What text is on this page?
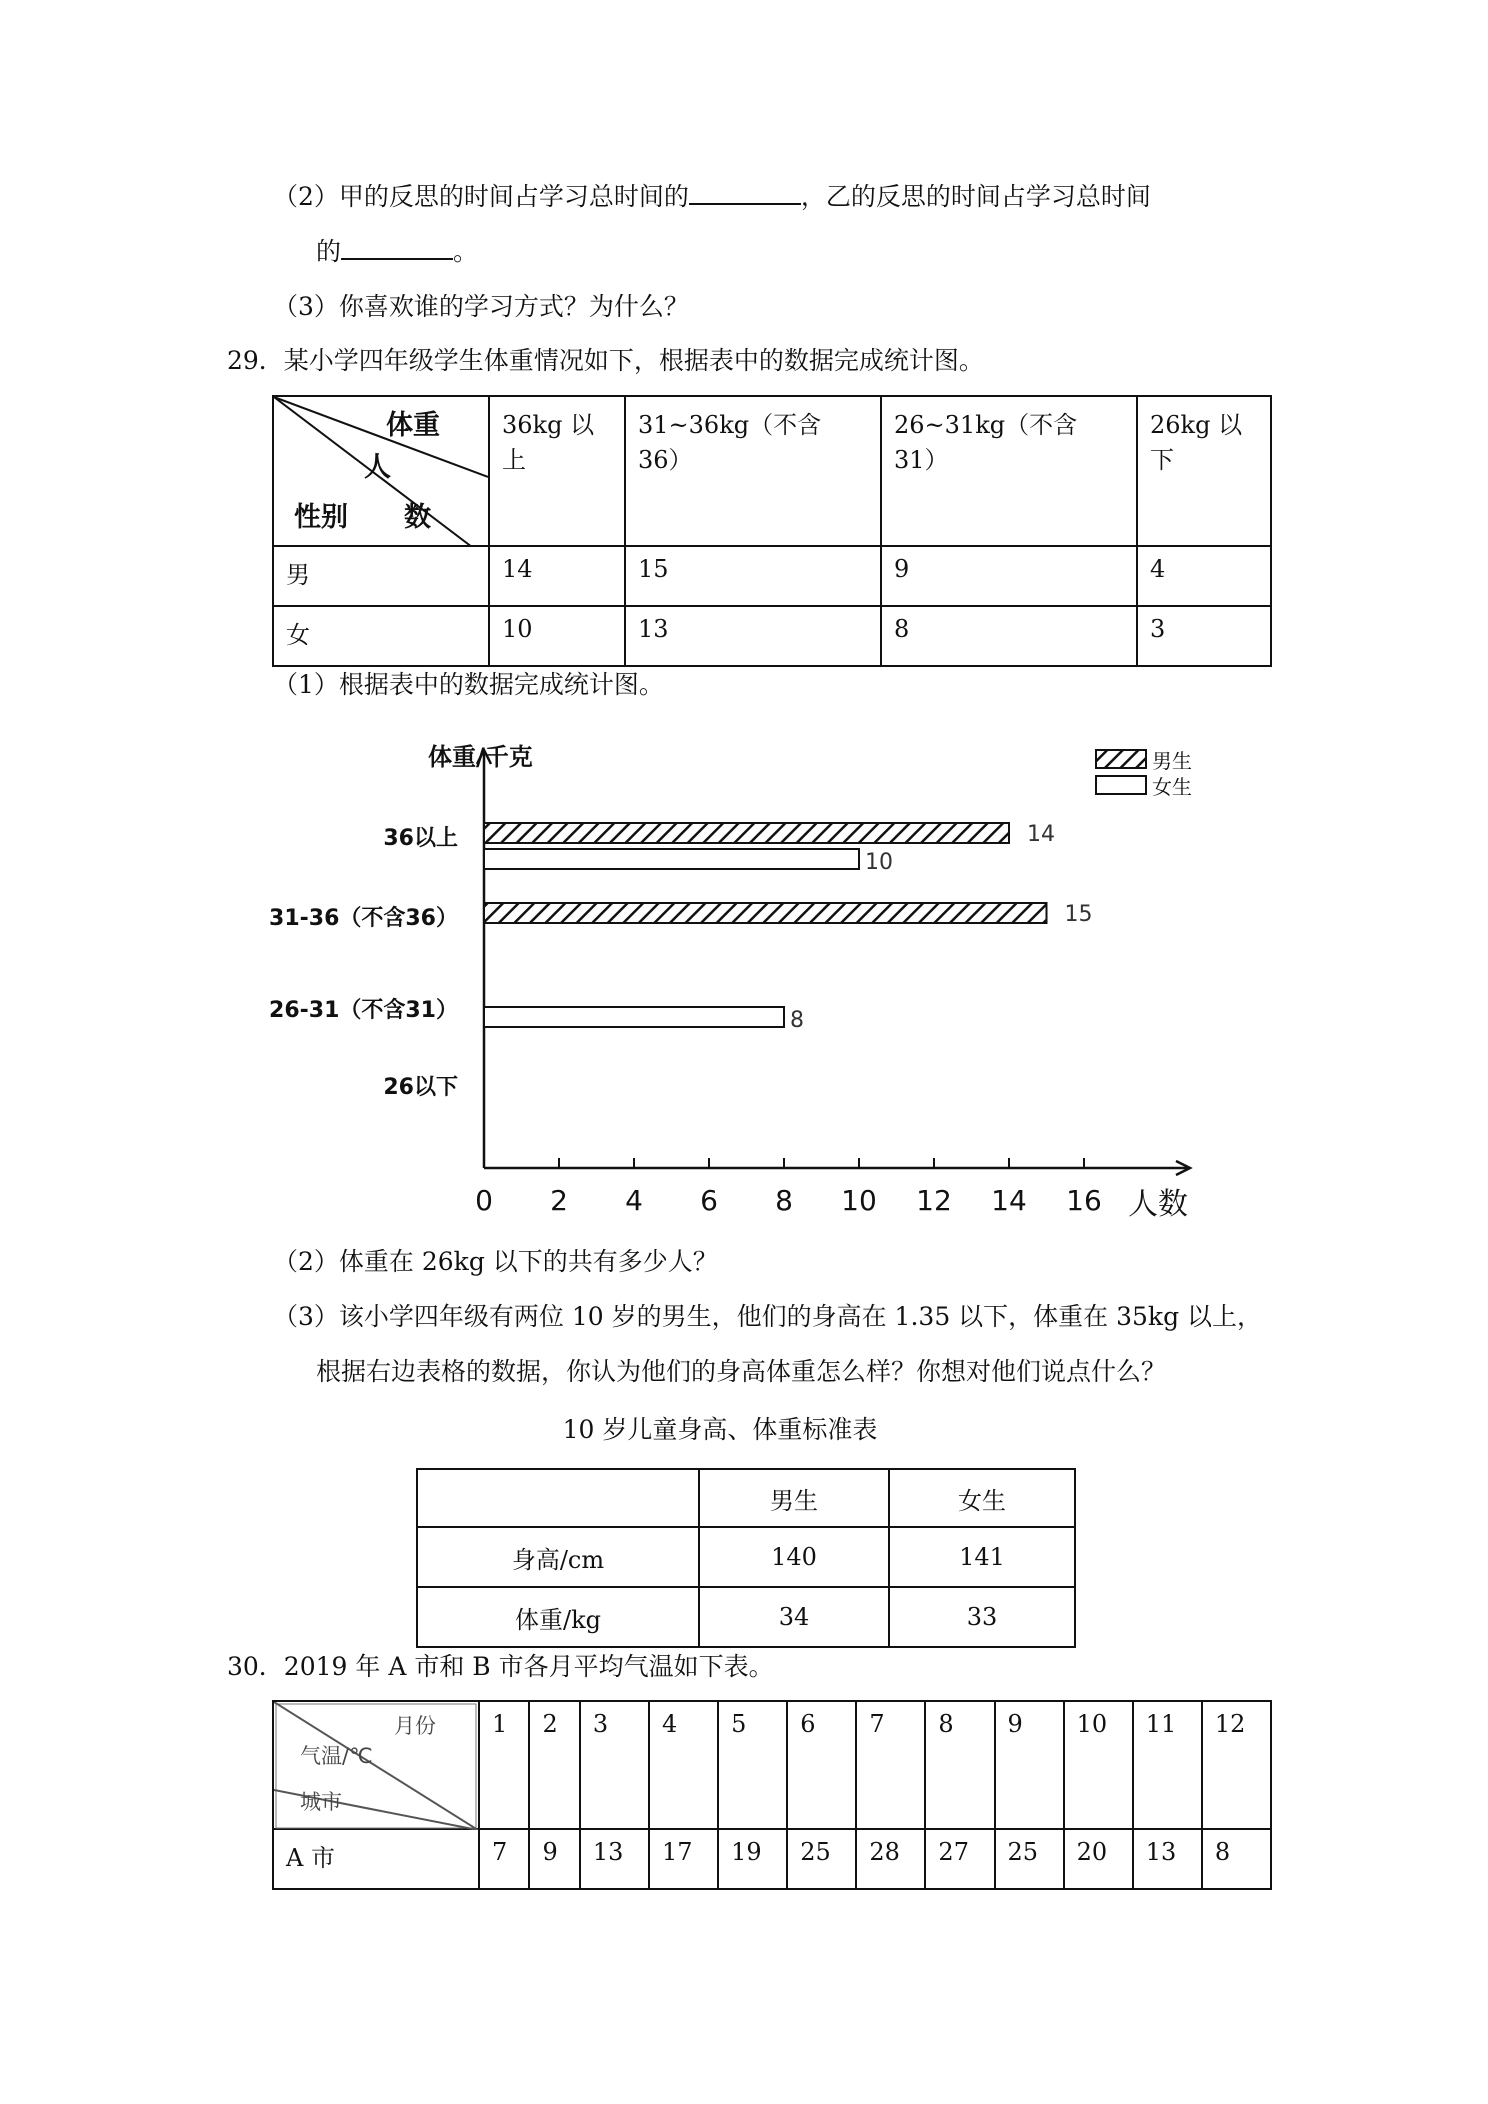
（2）甲的反思的时间占学习总时间的	，乙的反思的时间占学习总时间
的	。
（3）你喜欢谁的学习方式？为什么？
29．某小学四年级学生体重情况如下，根据表中的数据完成统计图。
体重
人
性别 数	36kg 以上	31~36kg（不含 36）	26~31kg（不含 31）	26kg 以下
男	14	15	9	4
女	10	13	8	3
（1）根据表中的数据完成统计图。
体重/千克
人数
男生
女生
0 2 4 6 8 10 12 14 16
36以上
31-36（不含36）
26-31（不含31）
26以下
14
15
10
8
（2）体重在 26kg 以下的共有多少人？
（3）该小学四年级有两位 10 岁的男生，他们的身高在 1.35 以下，体重在 35kg 以上，
根据右边表格的数据，你认为他们的身高体重怎么样？你想对他们说点什么？
10 岁儿童身高、体重标准表
	男生	女生
身高/cm	140	141
体重/kg	34	33
30．2019 年 A 市和 B 市各月平均气温如下表。
月份
气温/℃
城市	1	2	3	4	5	6	7	8	9	10	11	12
A 市	7	9	13	17	19	25	28	27	25	20	13	8
